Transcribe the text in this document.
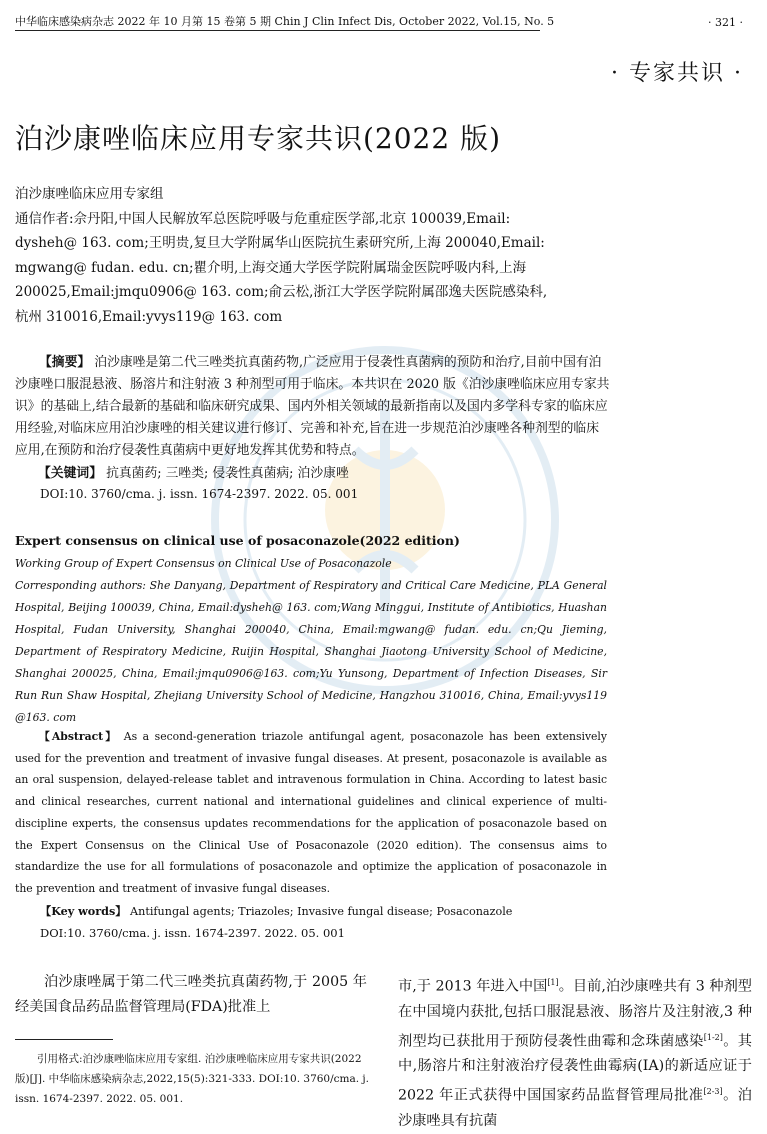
中华临床感染病杂志 2022 年 10 月第 15 卷第 5 期 Chin J Clin Infect Dis, October 2022, Vol.15, No. 5	· 321 ·
· 专家共识 ·
泊沙康唑临床应用专家共识(2022 版)
泊沙康唑临床应用专家组
通信作者:佘丹阳,中国人民解放军总医院呼吸与危重症医学部,北京 100039,Email:
dysheh@ 163. com;王明贵,复旦大学附属华山医院抗生素研究所,上海 200040,Email:
mgwang@ fudan. edu. cn;瞿介明,上海交通大学医学院附属瑞金医院呼吸内科,上海
200025,Email:jmqu0906@ 163. com;俞云松,浙江大学医学院附属邵逸夫医院感染科,
杭州 310016,Email:yvys119@ 163. com

【摘要】 泊沙康唑是第二代三唑类抗真菌药物,广泛应用于侵袭性真菌病的预防和治疗,目前中国有泊沙康唑口服混悬液、肠溶片和注射液 3 种剂型可用于临床。本共识在 2020 版《泊沙康唑临床应用专家共识》的基础上,结合最新的基础和临床研究成果、国内外相关领域的最新指南以及国内多学科专家的临床应用经验,对临床应用泊沙康唑的相关建议进行修订、完善和补充,旨在进一步规范泊沙康唑各种剂型的临床应用,在预防和治疗侵袭性真菌病中更好地发挥其优势和特点。

【关键词】 抗真菌药; 三唑类; 侵袭性真菌病; 泊沙康唑
DOI:10. 3760/cma. j. issn. 1674-2397. 2022. 05. 001
Expert consensus on clinical use of posaconazole(2022 edition)
Working Group of Expert Consensus on Clinical Use of Posaconazole
Corresponding authors: She Danyang, Department of Respiratory and Critical Care Medicine, PLA General Hospital, Beijing 100039, China, Email:dysheh@ 163. com;Wang Minggui, Institute of Antibiotics, Huashan Hospital, Fudan University, Shanghai 200040, China, Email:mgwang@ fudan. edu. cn;Qu Jieming, Department of Respiratory Medicine, Ruijin Hospital, Shanghai Jiaotong University School of Medicine, Shanghai 200025, China, Email:jmqu0906@163. com;Yu Yunsong, Department of Infection Diseases, Sir Run Run Shaw Hospital, Zhejiang University School of Medicine, Hangzhou 310016, China, Email:yvys119 @163. com

【Abstract】 As a second-generation triazole antifungal agent, posaconazole has been extensively used for the prevention and treatment of invasive fungal diseases. At present, posaconazole is available as an oral suspension, delayed-release tablet and intravenous formulation in China. According to latest basic and clinical researches, current national and international guidelines and clinical experience of multi-discipline experts, the consensus updates recommendations for the application of posaconazole based on the Expert Consensus on the Clinical Use of Posaconazole (2020 edition). The consensus aims to standardize the use for all formulations of posaconazole and optimize the application of posaconazole in the prevention and treatment of invasive fungal diseases.

【Key words】 Antifungal agents; Triazoles; Invasive fungal disease; Posaconazole
DOI:10. 3760/cma. j. issn. 1674-2397. 2022. 05. 001

泊沙康唑属于第二代三唑类抗真菌药物,于 2005 年经美国食品药品监督管理局(FDA)批准上

市,于 2013 年进入中国[1]。目前,泊沙康唑共有 3 种剂型在中国境内获批,包括口服混悬液、肠溶片及注射液,3 种剂型均已获批用于预防侵袭性曲霉和念珠菌感染[1-2]。其中,肠溶片和注射液治疗侵袭性曲霉病(IA)的新适应证于 2022 年正式获得中国国家药品监督管理局批准[2-3]。泊沙康唑具有抗菌

引用格式:泊沙康唑临床应用专家组. 泊沙康唑临床应用专家共识(2022 版)[J]. 中华临床感染病杂志,2022,15(5):321-333. DOI:10. 3760/cma. j. issn. 1674-2397. 2022. 05. 001.
